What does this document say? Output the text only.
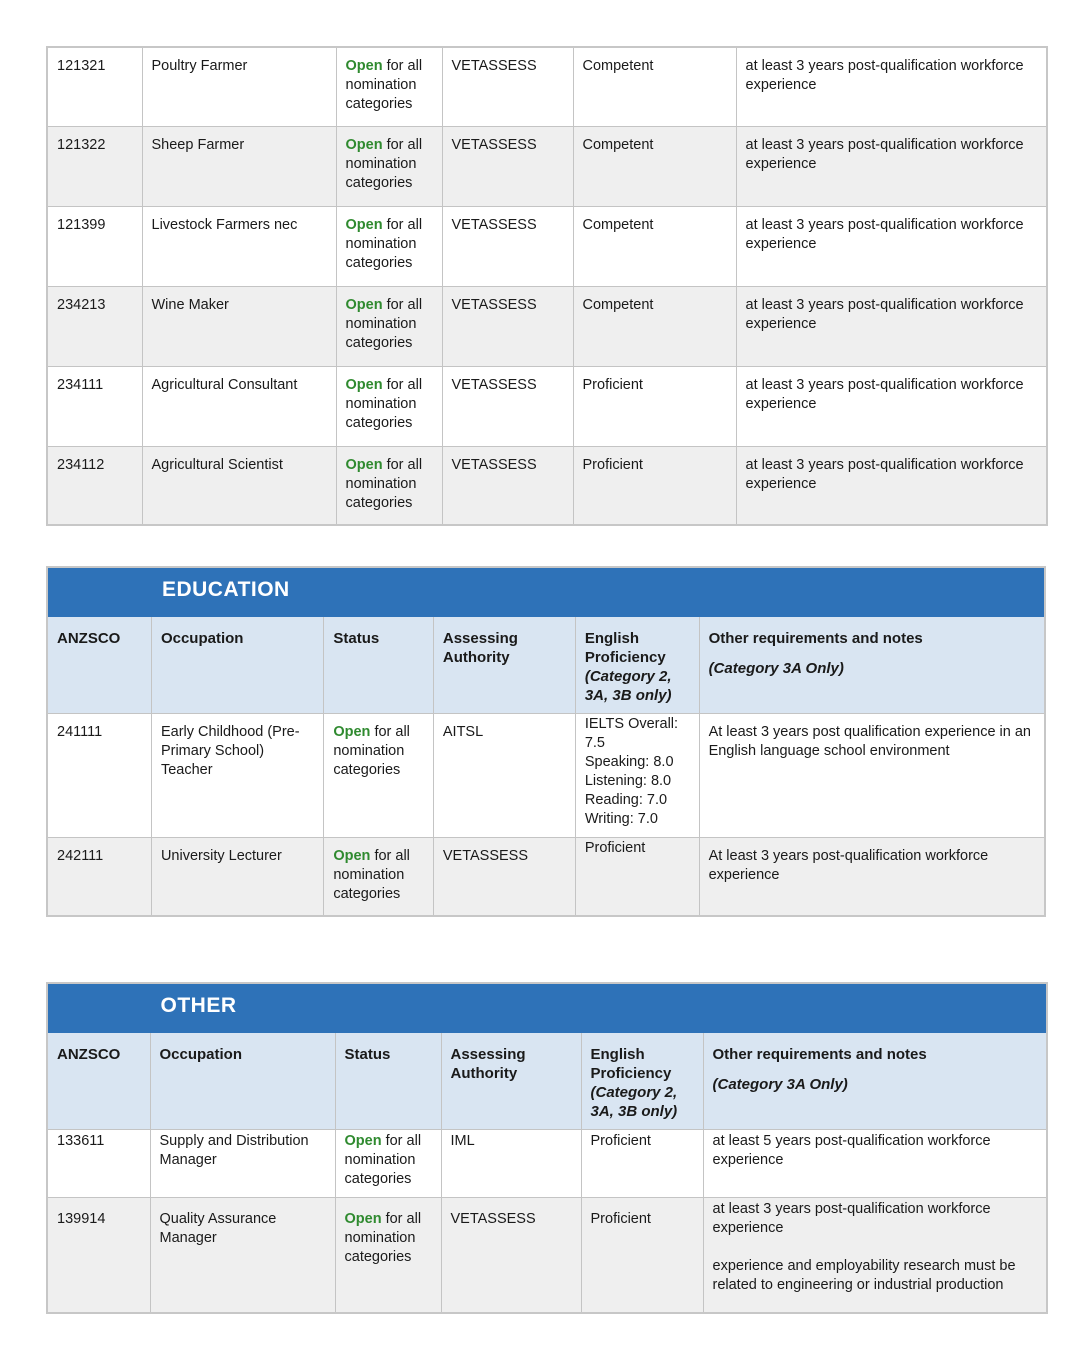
121321	Poultry Farmer	Open for all nomination categories	VETASSESS	Competent	at least 3 years post-qualification workforce experience
121322	Sheep Farmer	Open for all nomination categories	VETASSESS	Competent	at least 3 years post-qualification workforce experience
121399	Livestock Farmers nec	Open for all nomination categories	VETASSESS	Competent	at least 3 years post-qualification workforce experience
234213	Wine Maker	Open for all nomination categories	VETASSESS	Competent	at least 3 years post-qualification workforce experience
234111	Agricultural Consultant	Open for all nomination categories	VETASSESS	Proficient	at least 3 years post-qualification workforce experience
234112	Agricultural Scientist	Open for all nomination categories	VETASSESS	Proficient	at least 3 years post-qualification workforce experience
	EDUCATION				
ANZSCO	Occupation	Status	Assessing Authority	English Proficiency (Category 2, 3A, 3B only)	Other requirements and notes
(Category 3A Only)

241111	Early Childhood (Pre-Primary School) Teacher	Open for all nomination categories	AITSL	IELTS Overall: 7.5
Speaking: 8.0
Listening: 8.0
Reading: 7.0
Writing: 7.0	At least 3 years post qualification experience in an English language school environment
242111	University Lecturer	Open for all nomination categories	VETASSESS	Proficient	At least 3 years post-qualification workforce experience
	OTHER				
ANZSCO	Occupation	Status	Assessing Authority	English Proficiency (Category 2, 3A, 3B only)	Other requirements and notes
(Category 3A Only)

133611	Supply and Distribution Manager	Open for all nomination categories	IML	Proficient	at least 5 years post-qualification workforce experience
139914	Quality Assurance Manager	Open for all nomination categories	VETASSESS	Proficient	at least 3 years post-qualification workforce experience
experience and employability research must be related to engineering or industrial production
